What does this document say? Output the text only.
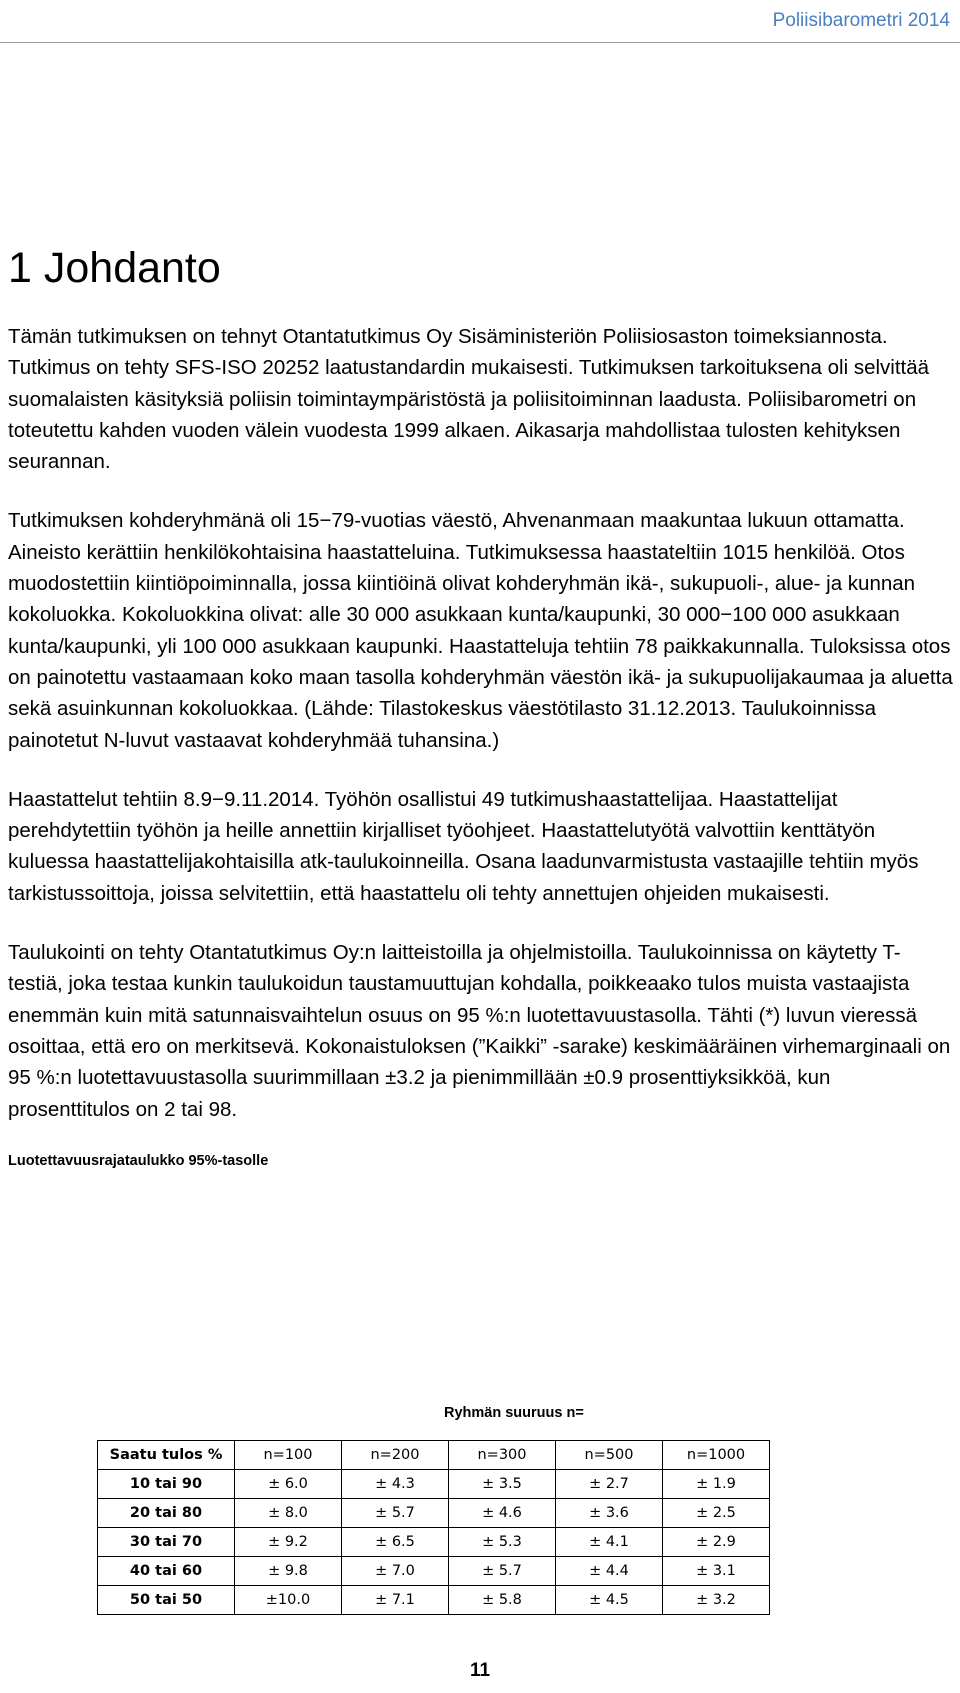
Poliisibarometri 2014
1 Johdanto

Tämän tutkimuksen on tehnyt Otantatutkimus Oy Sisäministeriön Poliisiosaston toimeksiannosta. Tutkimus on tehty SFS-ISO 20252 laatustandardin mukaisesti. Tutkimuksen tarkoituksena oli selvittää suomalaisten käsityksiä poliisin toimintaympäristöstä ja poliisitoiminnan laadusta. Poliisibarometri on toteutettu kahden vuoden välein vuodesta 1999 alkaen. Aikasarja mahdollistaa tulosten kehityksen seurannan.

Tutkimuksen kohderyhmänä oli 15−79-vuotias väestö, Ahvenanmaan maakuntaa lukuun ottamatta. Aineisto kerättiin henkilökohtaisina haastatteluina. Tutkimuksessa haastateltiin 1015 henkilöä. Otos muodostettiin kiintiöpoiminnalla, jossa kiintiöinä olivat kohderyhmän ikä-, sukupuoli-, alue- ja kunnan kokoluokka. Kokoluokkina olivat: alle 30 000 asukkaan kunta/kaupunki, 30 000−100 000 asukkaan kunta/kaupunki, yli 100 000 asukkaan kaupunki. Haastatteluja tehtiin 78 paikkakunnalla. Tuloksissa otos on painotettu vastaamaan koko maan tasolla kohderyhmän väestön ikä- ja sukupuolijakaumaa ja aluetta sekä asuinkunnan kokoluokkaa. (Lähde: Tilastokeskus väestötilasto 31.12.2013. Taulukoinnissa painotetut N-luvut vastaavat kohderyhmää tuhansina.)

Haastattelut tehtiin 8.9−9.11.2014. Työhön osallistui 49 tutkimushaastattelijaa. Haastattelijat perehdytettiin työhön ja heille annettiin kirjalliset työohjeet. Haastattelutyötä valvottiin kenttätyön kuluessa haastattelijakohtaisilla atk-taulukoinneilla. Osana laadunvarmistusta vastaajille tehtiin myös tarkistussoittoja, joissa selvitettiin, että haastattelu oli tehty annettujen ohjeiden mukaisesti.

Taulukointi on tehty Otantatutkimus Oy:n laitteistoilla ja ohjelmistoilla. Taulukoinnissa on käytetty T-testiä, joka testaa kunkin taulukoidun taustamuuttujan kohdalla, poikkeaako tulos muista vastaajista enemmän kuin mitä satunnaisvaihtelun osuus on 95 %:n luotettavuustasolla. Tähti (*) luvun vieressä osoittaa, että ero on merkitsevä. Kokonaistuloksen (”Kaikki” -sarake) keskimääräinen virhemarginaali on 95 %:n luotettavuustasolla suurimmillaan ±3.2 ja pienimmillään ±0.9 prosenttiyksikköä, kun prosenttitulos on 2 tai 98.

Luotettavuusrajataulukko 95%-tasolle

Ryhmän suuruus n=
Saatu tulos %	n=100	n=200	n=300	n=500	n=1000
10 tai 90	± 6.0	± 4.3	± 3.5	± 2.7	± 1.9
20 tai 80	± 8.0	± 5.7	± 4.6	± 3.6	± 2.5
30 tai 70	± 9.2	± 6.5	± 5.3	± 4.1	± 2.9
40 tai 60	± 9.8	± 7.0	± 5.7	± 4.4	± 3.1
50 tai 50	±10.0	± 7.1	± 5.8	± 4.5	± 3.2
11
